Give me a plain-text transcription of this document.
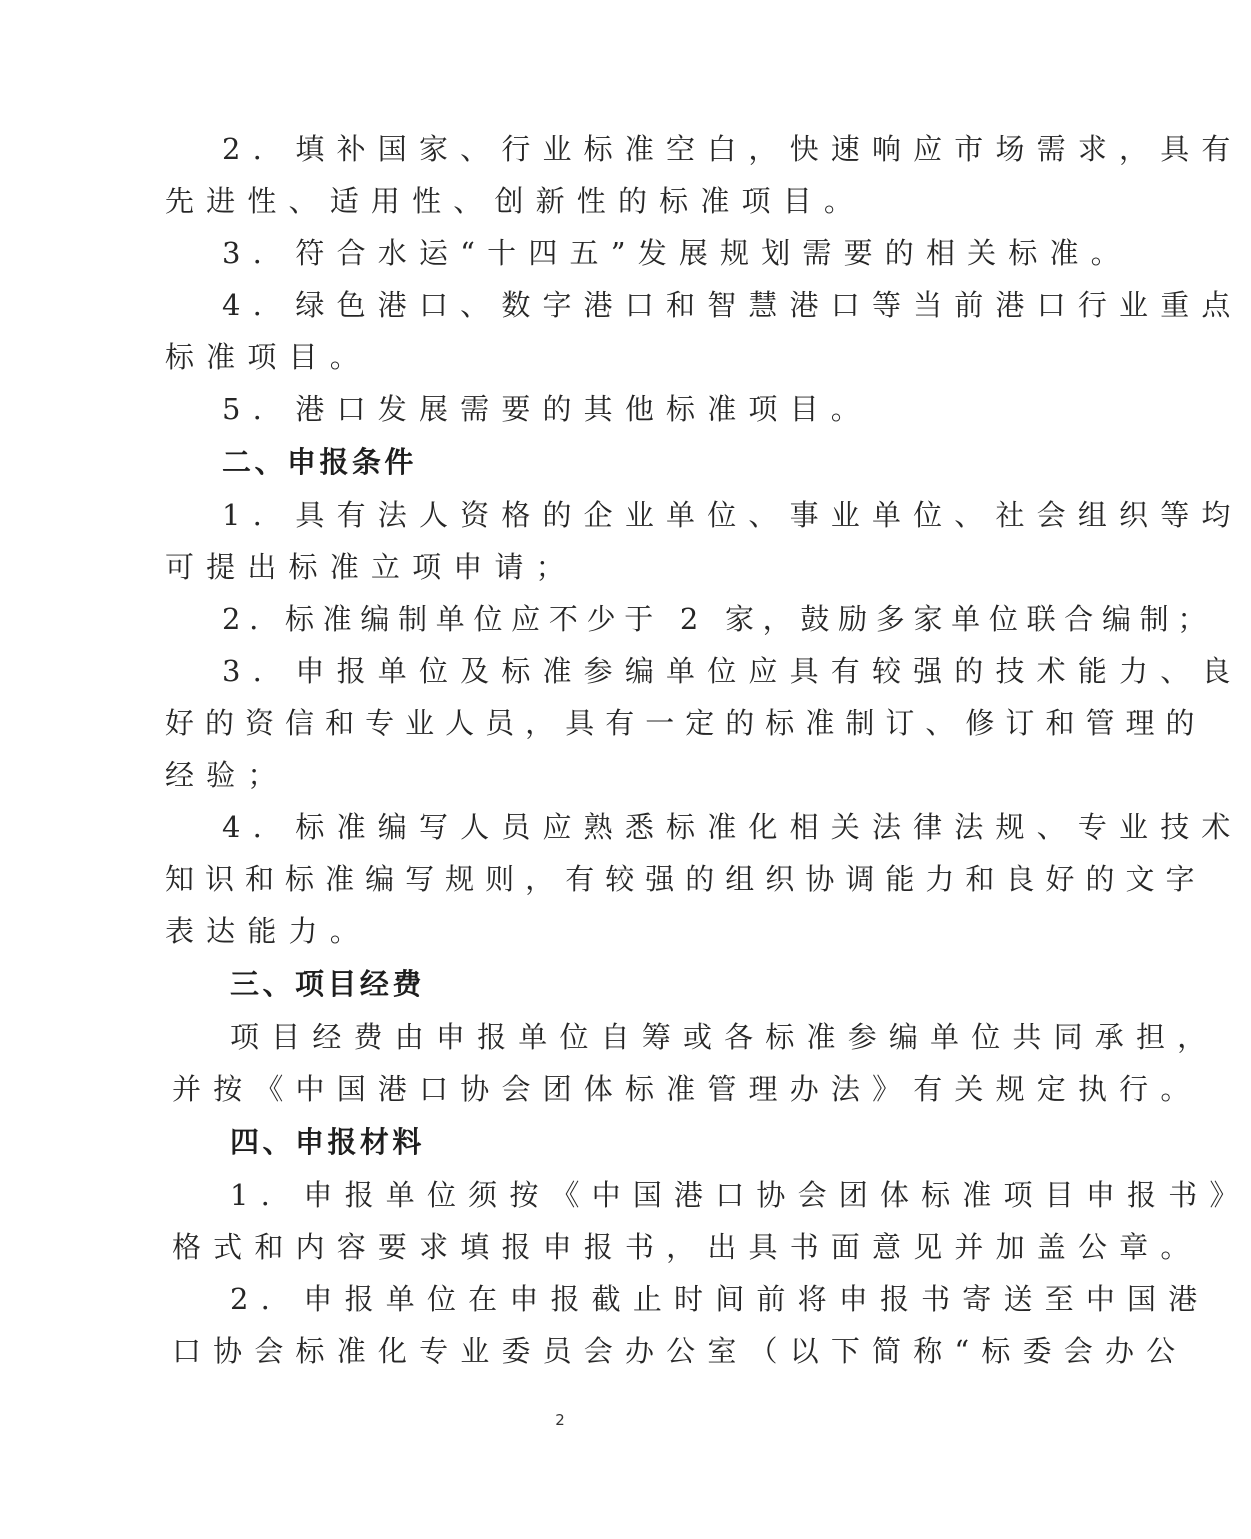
2. 填补国家、行业标准空白，快速响应市场需求，具有
先进性、适用性、创新性的标准项目。
3. 符合水运“十四五”发展规划需要的相关标准。
4. 绿色港口、数字港口和智慧港口等当前港口行业重点
标准项目。
5. 港口发展需要的其他标准项目。
二、申报条件
1. 具有法人资格的企业单位、事业单位、社会组织等均
可提出标准立项申请；
2. 标准编制单位应不少于 2 家，鼓励多家单位联合编制；
3. 申报单位及标准参编单位应具有较强的技术能力、良
好的资信和专业人员，具有一定的标准制订、修订和管理的
经验；
4. 标准编写人员应熟悉标准化相关法律法规、专业技术
知识和标准编写规则，有较强的组织协调能力和良好的文字
表达能力。
三、项目经费
项目经费由申报单位自筹或各标准参编单位共同承担，
并按《中国港口协会团体标准管理办法》有关规定执行。
四、申报材料
1. 申报单位须按《中国港口协会团体标准项目申报书》
格式和内容要求填报申报书，出具书面意见并加盖公章。
2. 申报单位在申报截止时间前将申报书寄送至中国港
口协会标准化专业委员会办公室（以下简称“标委会办公
2
